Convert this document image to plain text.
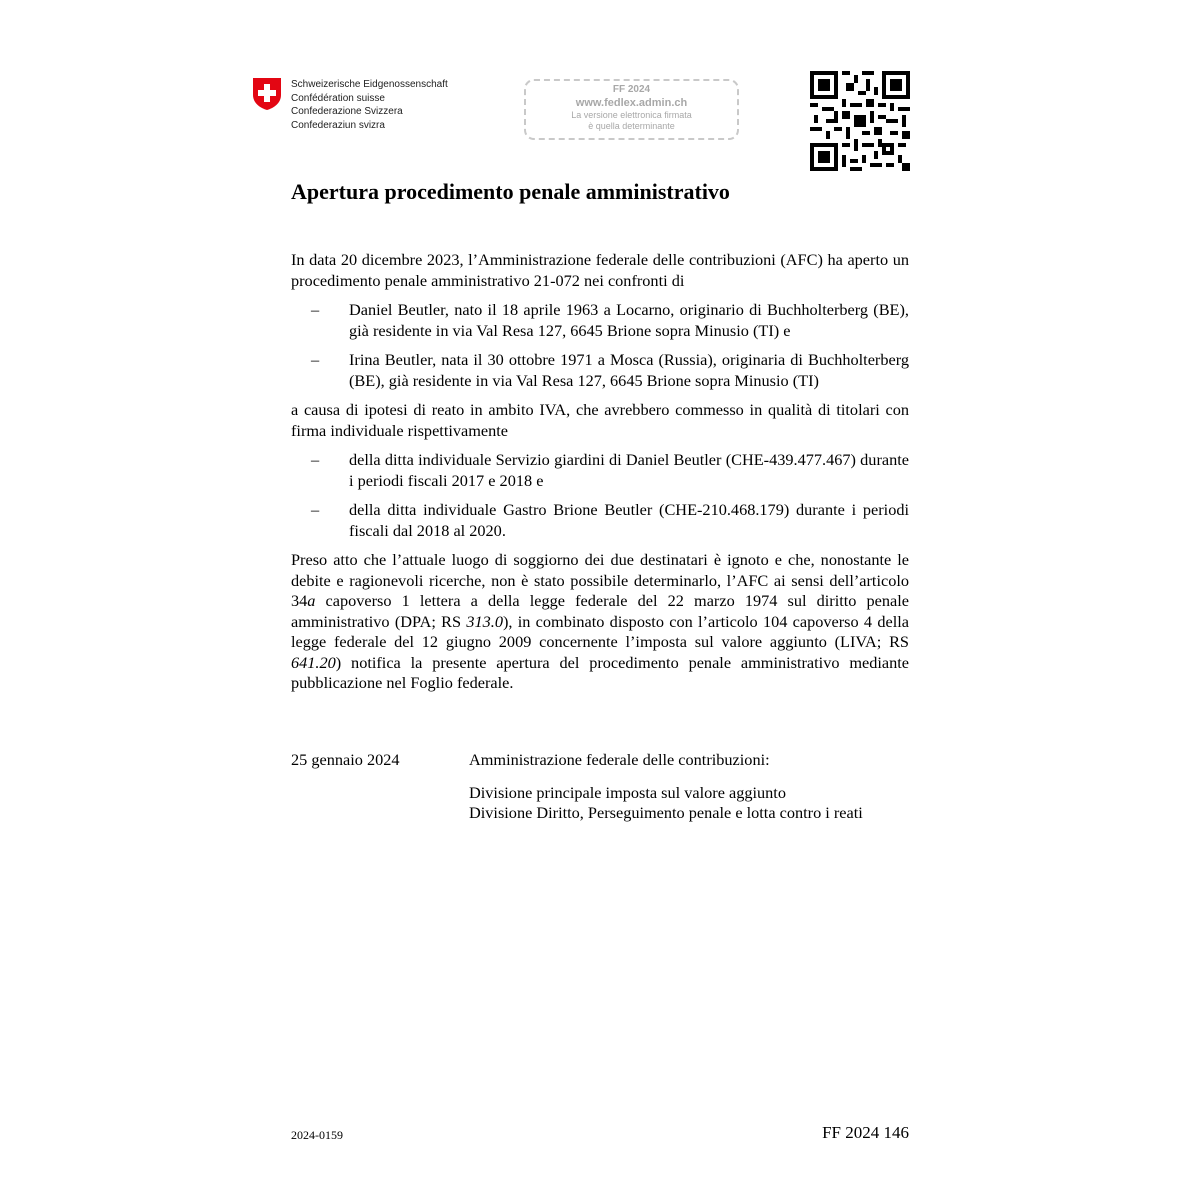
Schweizerische Eidgenossenschaft
Confédération suisse
Confederazione Svizzera
Confederaziun svizra
FF 2024
www.fedlex.admin.ch
La versione elettronica firmata
è quella determinante
Apertura procedimento penale amministrativo

In data 20 dicembre 2023, l’Amministrazione federale delle contribuzioni (AFC) ha aperto un procedimento penale amministrativo 21-072 nei confronti di

– Daniel Beutler, nato il 18 aprile 1963 a Locarno, originario di Buchholterberg (BE), già residente in via Val Resa 127, 6645 Brione sopra Minusio (TI) e

– Irina Beutler, nata il 30 ottobre 1971 a Mosca (Russia), originaria di Buchholterberg (BE), già residente in via Val Resa 127, 6645 Brione sopra Minusio (TI)

a causa di ipotesi di reato in ambito IVA, che avrebbero commesso in qualità di titolari con firma individuale rispettivamente

– della ditta individuale Servizio giardini di Daniel Beutler (CHE-439.477.467) durante i periodi fiscali 2017 e 2018 e

– della ditta individuale Gastro Brione Beutler (CHE-210.468.179) durante i periodi fiscali dal 2018 al 2020.

Preso atto che l’attuale luogo di soggiorno dei due destinatari è ignoto e che, nonostante le debite e ragionevoli ricerche, non è stato possibile determinarlo, l’AFC ai sensi dell’articolo 34a capoverso 1 lettera a della legge federale del 22 marzo 1974 sul diritto penale amministrativo (DPA; RS 313.0), in combinato disposto con l’articolo 104 capoverso 4 della legge federale del 12 giugno 2009 concernente l’imposta sul valore aggiunto (LIVA; RS 641.20) notifica la presente apertura del procedimento penale amministrativo mediante pubblicazione nel Foglio federale.

25 gennaio 2024	Amministrazione federale delle contribuzioni:
Divisione principale imposta sul valore aggiunto
Divisione Diritto, Perseguimento penale e lotta contro i reati
2024-0159	FF 2024 146
